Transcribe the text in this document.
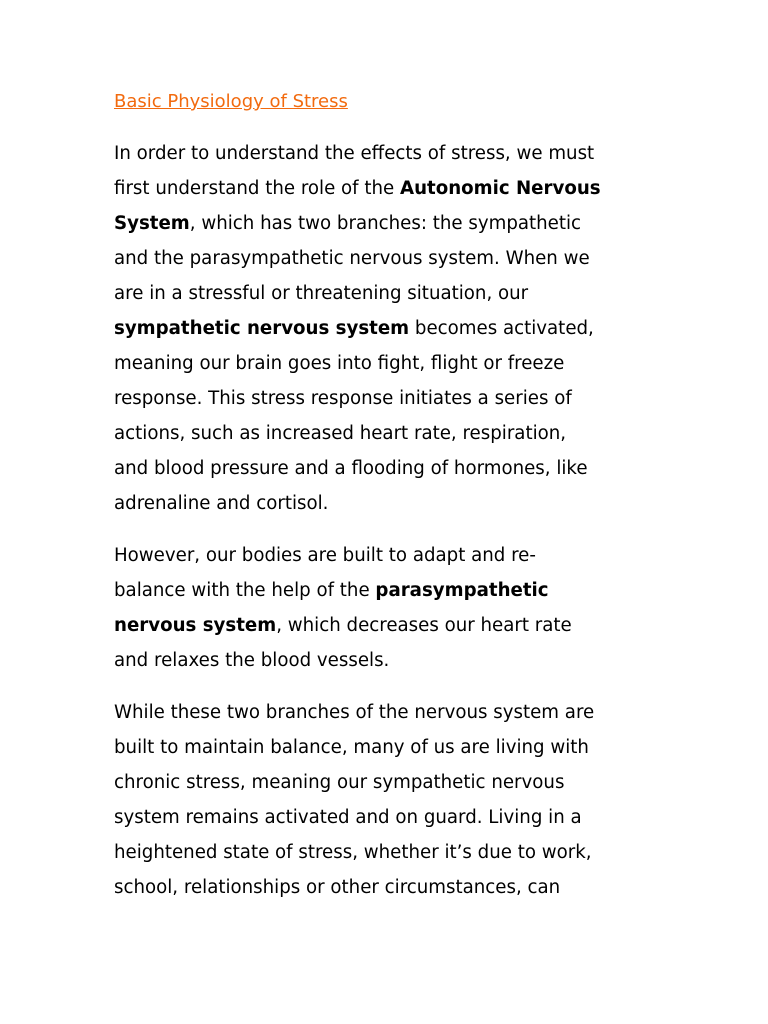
Basic Physiology of Stress

In order to understand the effects of stress, we must
first understand the role of the Autonomic Nervous
System, which has two branches: the sympathetic
and the parasympathetic nervous system. When we
are in a stressful or threatening situation, our
sympathetic nervous system becomes activated,
meaning our brain goes into fight, flight or freeze
response. This stress response initiates a series of
actions, such as increased heart rate, respiration,
and blood pressure and a flooding of hormones, like
adrenaline and cortisol.

However, our bodies are built to adapt and re-
balance with the help of the parasympathetic
nervous system, which decreases our heart rate
and relaxes the blood vessels.

While these two branches of the nervous system are
built to maintain balance, many of us are living with
chronic stress, meaning our sympathetic nervous
system remains activated and on guard. Living in a
heightened state of stress, whether it’s due to work,
school, relationships or other circumstances, can
